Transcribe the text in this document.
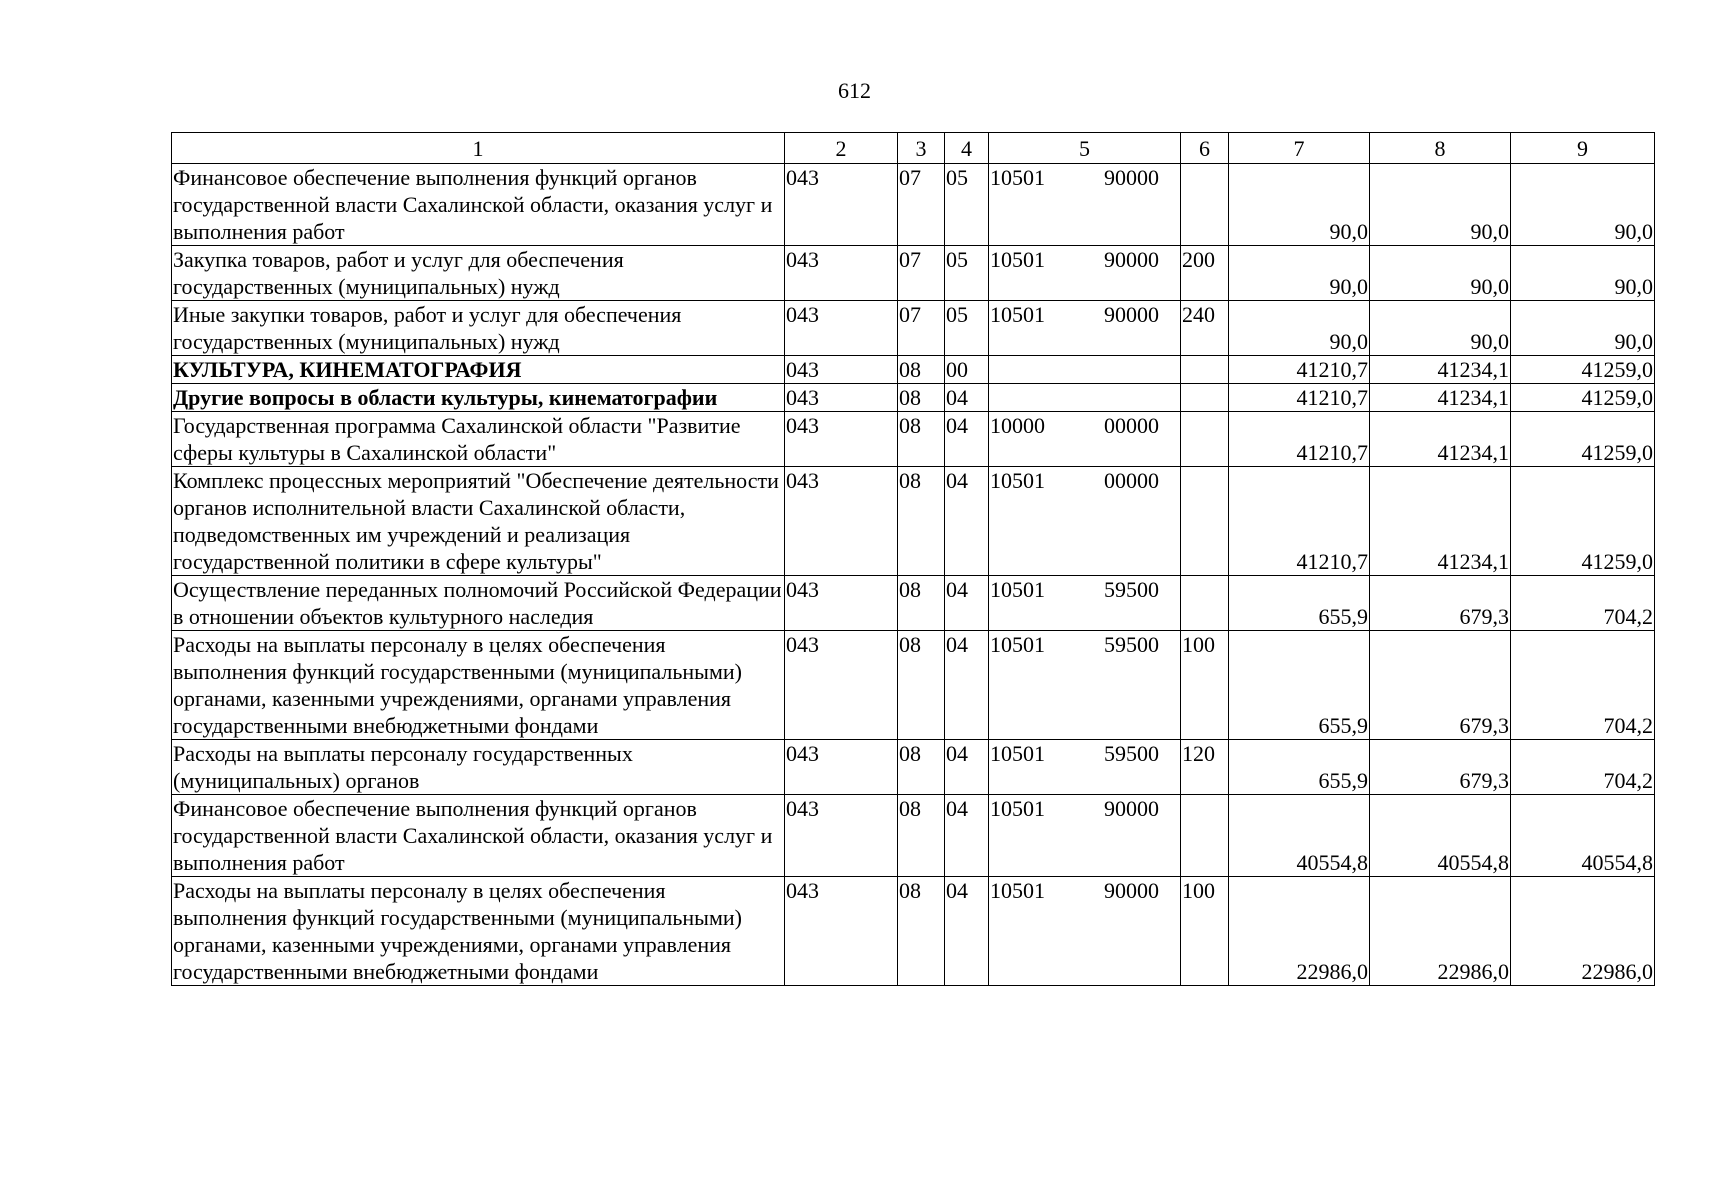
612
1	2	3	4	5	6	7	8	9
Финансовое обеспечение выполнения функций органов государственной власти Сахалинской области, оказания услуг и выполнения работ	043	07	05	10501 90000		90,0	90,0	90,0
Закупка товаров, работ и услуг для обеспечения государственных (муниципальных) нужд	043	07	05	10501 90000	200	90,0	90,0	90,0
Иные закупки товаров, работ и услуг для обеспечения государственных (муниципальных) нужд	043	07	05	10501 90000	240	90,0	90,0	90,0
КУЛЬТУРА, КИНЕМАТОГРАФИЯ	043	08	00			41210,7	41234,1	41259,0
Другие вопросы в области культуры, кинематографии	043	08	04			41210,7	41234,1	41259,0
Государственная программа Сахалинской области "Развитие сферы культуры в Сахалинской области"	043	08	04	10000 00000		41210,7	41234,1	41259,0
Комплекс процессных мероприятий "Обеспечение деятельности органов исполнительной власти Сахалинской области, подведомственных им учреждений и реализация государственной политики в сфере культуры"	043	08	04	10501 00000		41210,7	41234,1	41259,0
Осуществление переданных полномочий Российской Федерации в отношении объектов культурного наследия	043	08	04	10501 59500		655,9	679,3	704,2
Расходы на выплаты персоналу в целях обеспечения выполнения функций государственными (муниципальными) органами, казенными учреждениями, органами управления государственными внебюджетными фондами	043	08	04	10501 59500	100	655,9	679,3	704,2
Расходы на выплаты персоналу государственных (муниципальных) органов	043	08	04	10501 59500	120	655,9	679,3	704,2
Финансовое обеспечение выполнения функций органов государственной власти Сахалинской области, оказания услуг и выполнения работ	043	08	04	10501 90000		40554,8	40554,8	40554,8
Расходы на выплаты персоналу в целях обеспечения выполнения функций государственными (муниципальными) органами, казенными учреждениями, органами управления государственными внебюджетными фондами	043	08	04	10501 90000	100	22986,0	22986,0	22986,0
